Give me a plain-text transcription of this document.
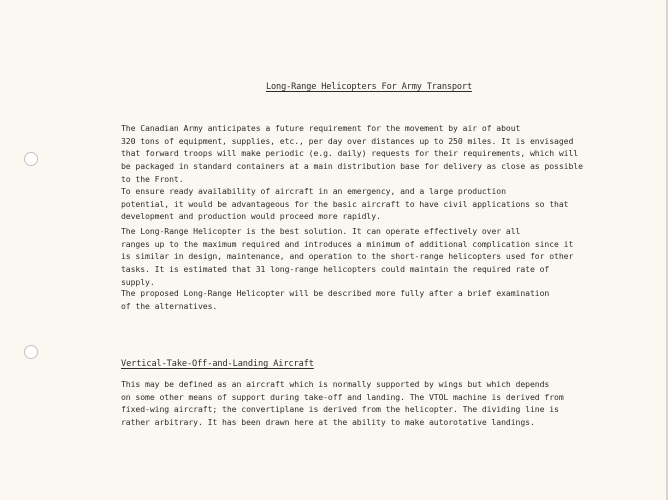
Long-Range Helicopters For Army Transport

The Canadian Army anticipates a future requirement for the movement by air of about
320 tons of equipment, supplies, etc., per day over distances up to 250 miles. It is envisaged
that forward troops will make periodic (e.g. daily) requests for their requirements, which will
be packaged in standard containers at a main distribution base for delivery as close as possible
to the Front.

To ensure ready availability of aircraft in an emergency, and a large production
potential, it would be advantageous for the basic aircraft to have civil applications so that
development and production would proceed more rapidly.

The Long-Range Helicopter is the best solution. It can operate effectively over all
ranges up to the maximum required and introduces a minimum of additional complication since it
is similar in design, maintenance, and operation to the short-range helicopters used for other
tasks. It is estimated that 31 long-range helicopters could maintain the required rate of
supply.

The proposed Long-Range Helicopter will be described more fully after a brief examination
of the alternatives.

Vertical-Take-Off-and-Landing Aircraft

This may be defined as an aircraft which is normally supported by wings but which depends
on some other means of support during take-off and landing. The VTOL machine is derived from
fixed-wing aircraft; the convertiplane is derived from the helicopter. The dividing line is
rather arbitrary. It has been drawn here at the ability to make autorotative landings.
